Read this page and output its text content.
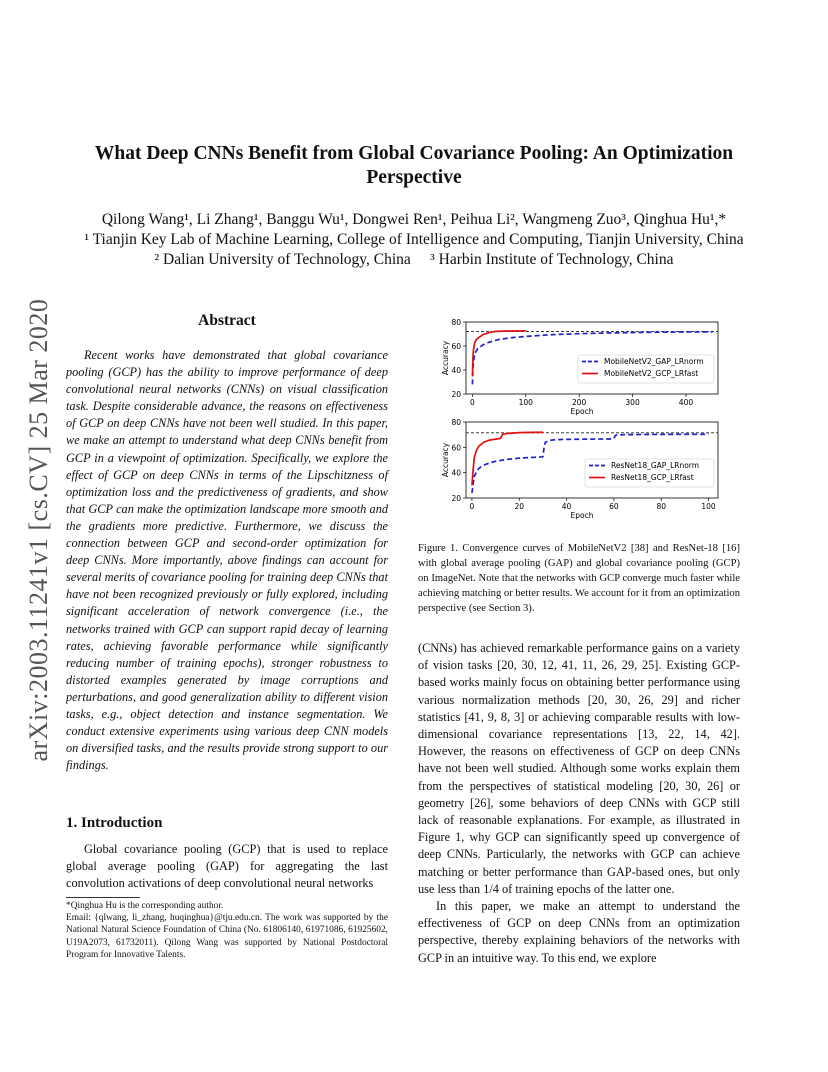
arXiv:2003.11241v1 [cs.CV] 25 Mar 2020
What Deep CNNs Benefit from Global Covariance Pooling: An Optimization Perspective
Qilong Wang¹, Li Zhang¹, Banggu Wu¹, Dongwei Ren¹, Peihua Li², Wangmeng Zuo³, Qinghua Hu¹,*
¹ Tianjin Key Lab of Machine Learning, College of Intelligence and Computing, Tianjin University, China
² Dalian University of Technology, China     ³ Harbin Institute of Technology, China
Abstract
Recent works have demonstrated that global covariance pooling (GCP) has the ability to improve performance of deep convolutional neural networks (CNNs) on visual classification task. Despite considerable advance, the reasons on effectiveness of GCP on deep CNNs have not been well studied. In this paper, we make an attempt to understand what deep CNNs benefit from GCP in a viewpoint of optimization. Specifically, we explore the effect of GCP on deep CNNs in terms of the Lipschitzness of optimization loss and the predictiveness of gradients, and show that GCP can make the optimization landscape more smooth and the gradients more predictive. Furthermore, we discuss the connection between GCP and second-order optimization for deep CNNs. More importantly, above findings can account for several merits of covariance pooling for training deep CNNs that have not been recognized previously or fully explored, including significant acceleration of network convergence (i.e., the networks trained with GCP can support rapid decay of learning rates, achieving favorable performance while significantly reducing number of training epochs), stronger robustness to distorted examples generated by image corruptions and perturbations, and good generalization ability to different vision tasks, e.g., object detection and instance segmentation. We conduct extensive experiments using various deep CNN models on diversified tasks, and the results provide strong support to our findings.
1. Introduction
Global covariance pooling (GCP) that is used to replace global average pooling (GAP) for aggregating the last convolution activations of deep convolutional neural networks

*Qinghua Hu is the corresponding author.

Email: {qlwang, li_zhang, huqinghua}@tju.edu.cn. The work was supported by the National Natural Science Foundation of China (No. 61806140, 61971086, 61925602, U19A2073, 61732011). Qilong Wang was supported by National Postdoctoral Program for Innovative Talents.

20
40
60
80
0	100	200	300	400
Epoch
Accuracy	MobileNetV2_GAP_LRnorm
MobileNetV2_GCP_LRfast
20
40
60
80
0	20	40	60	80	100
Epoch
Accuracy	ResNet18_GAP_LRnorm
ResNet18_GCP_LRfast
Figure 1. Convergence curves of MobileNetV2 [38] and ResNet-18 [16] with global average pooling (GAP) and global covariance pooling (GCP) on ImageNet. Note that the networks with GCP converge much faster while achieving matching or better results. We account for it from an optimization perspective (see Section 3).

(CNNs) has achieved remarkable performance gains on a variety of vision tasks [20, 30, 12, 41, 11, 26, 29, 25]. Existing GCP-based works mainly focus on obtaining better performance using various normalization methods [20, 30, 26, 29] and richer statistics [41, 9, 8, 3] or achieving comparable results with low-dimensional covariance representations [13, 22, 14, 42]. However, the reasons on effectiveness of GCP on deep CNNs have not been well studied. Although some works explain them from the perspectives of statistical modeling [20, 30, 26] or geometry [26], some behaviors of deep CNNs with GCP still lack of reasonable explanations. For example, as illustrated in Figure 1, why GCP can significantly speed up convergence of deep CNNs. Particularly, the networks with GCP can achieve matching or better performance than GAP-based ones, but only use less than 1/4 of training epochs of the latter one.

In this paper, we make an attempt to understand the effectiveness of GCP on deep CNNs from an optimization perspective, thereby explaining behaviors of the networks with GCP in an intuitive way. To this end, we explore
